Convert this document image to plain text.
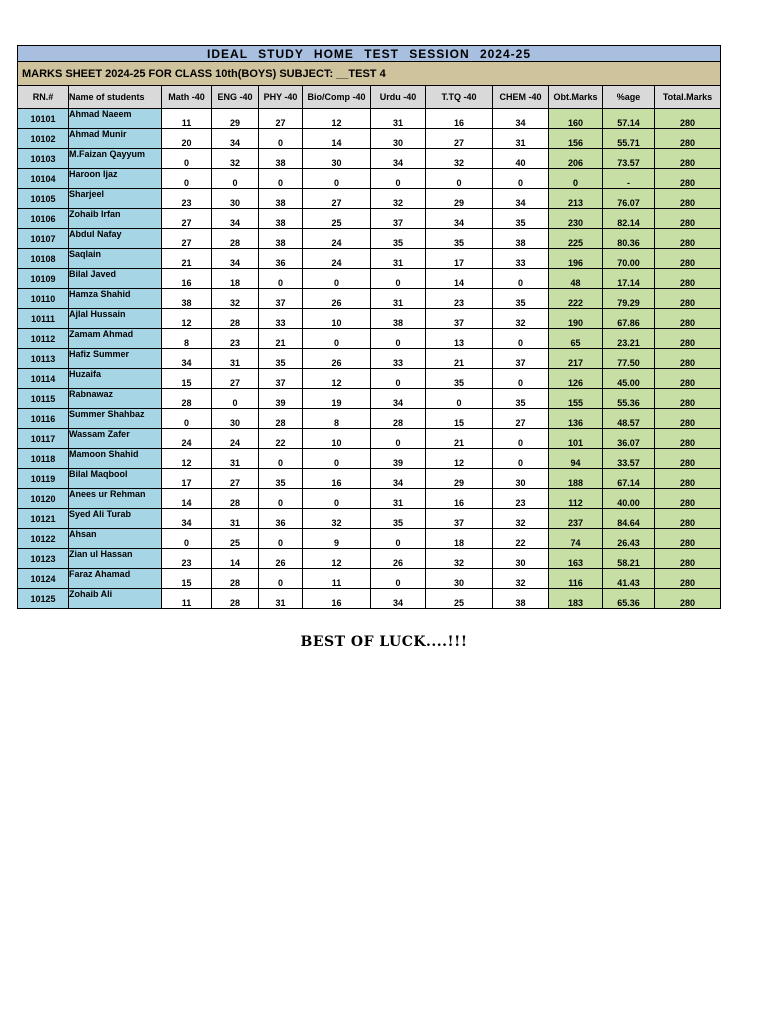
IDEAL STUDY HOME TEST SESSION 2024-25											
MARKS SHEET 2024-25 FOR CLASS 10th(BOYS) SUBJECT: __TEST 4											
RN.#	Name of students	Math -40	ENG -40	PHY -40	Bio/Comp -40	Urdu -40	T.TQ -40	CHEM -40	Obt.Marks	%age	Total.Marks
10101	Ahmad Naeem	11	29	27	12	31	16	34	160	57.14	280
10102	Ahmad Munir	20	34	0	14	30	27	31	156	55.71	280
10103	M.Faizan Qayyum	0	32	38	30	34	32	40	206	73.57	280
10104	Haroon Ijaz	0	0	0	0	0	0	0	0	-	280
10105	Sharjeel	23	30	38	27	32	29	34	213	76.07	280
10106	Zohaib Irfan	27	34	38	25	37	34	35	230	82.14	280
10107	Abdul Nafay	27	28	38	24	35	35	38	225	80.36	280
10108	Saqlain	21	34	36	24	31	17	33	196	70.00	280
10109	Bilal Javed	16	18	0	0	0	14	0	48	17.14	280
10110	Hamza Shahid	38	32	37	26	31	23	35	222	79.29	280
10111	Ajlal Hussain	12	28	33	10	38	37	32	190	67.86	280
10112	Zamam Ahmad	8	23	21	0	0	13	0	65	23.21	280
10113	Hafiz Summer	34	31	35	26	33	21	37	217	77.50	280
10114	Huzaifa	15	27	37	12	0	35	0	126	45.00	280
10115	Rabnawaz	28	0	39	19	34	0	35	155	55.36	280
10116	Summer Shahbaz	0	30	28	8	28	15	27	136	48.57	280
10117	Wassam Zafer	24	24	22	10	0	21	0	101	36.07	280
10118	Mamoon Shahid	12	31	0	0	39	12	0	94	33.57	280
10119	Bilal Maqbool	17	27	35	16	34	29	30	188	67.14	280
10120	Anees ur Rehman	14	28	0	0	31	16	23	112	40.00	280
10121	Syed Ali Turab	34	31	36	32	35	37	32	237	84.64	280
10122	Ahsan	0	25	0	9	0	18	22	74	26.43	280
10123	Zian ul Hassan	23	14	26	12	26	32	30	163	58.21	280
10124	Faraz Ahamad	15	28	0	11	0	30	32	116	41.43	280
10125	Zohaib Ali	11	28	31	16	34	25	38	183	65.36	280
BEST OF LUCK....!!!
